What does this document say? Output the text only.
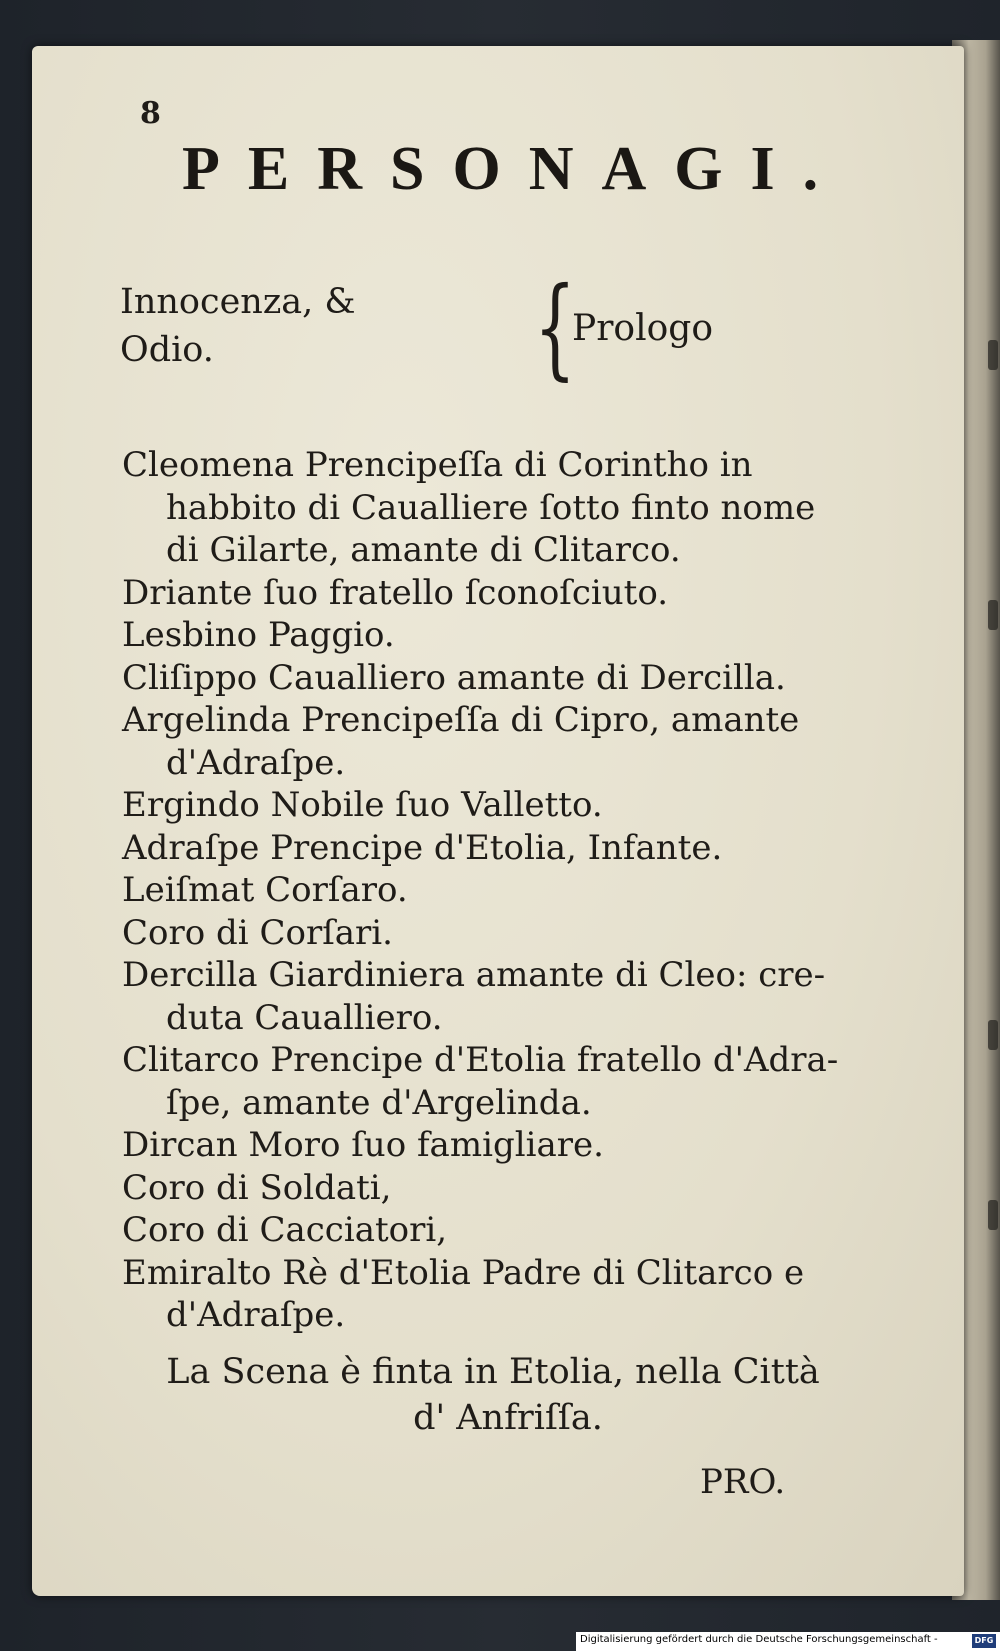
8
PERSONAGI.
Innocenza, &
Odio.	{
Prologo
Cleomena Prencipeſſa di Corintho in
habbito di Caualliere ſotto finto nome
di Gilarte, amante di Clitarco.
Driante ſuo fratello ſconoſciuto.
Lesbino Paggio.
Cliſippo Caualliero amante di Dercilla.
Argelinda Prencipeſſa di Cipro, amante
d'Adraſpe.
Ergindo Nobile ſuo Valletto.
Adraſpe Prencipe d'Etolia, Infante.
Leiſmat Corſaro.
Coro di Corſari.
Dercilla Giardiniera amante di Cleo: cre-
duta Caualliero.
Clitarco Prencipe d'Etolia fratello d'Adra-
ſpe, amante d'Argelinda.
Dircan Moro ſuo famigliare.
Coro di Soldati,
Coro di Cacciatori,
Emiralto Rè d'Etolia Padre di Clitarco e
d'Adraſpe.
La Scena è finta in Etolia, nella Città
d' Anfriſſa.
PRO.
Digitalisierung gefördert durch die Deutsche Forschungsgemeinschaft -	DFG
